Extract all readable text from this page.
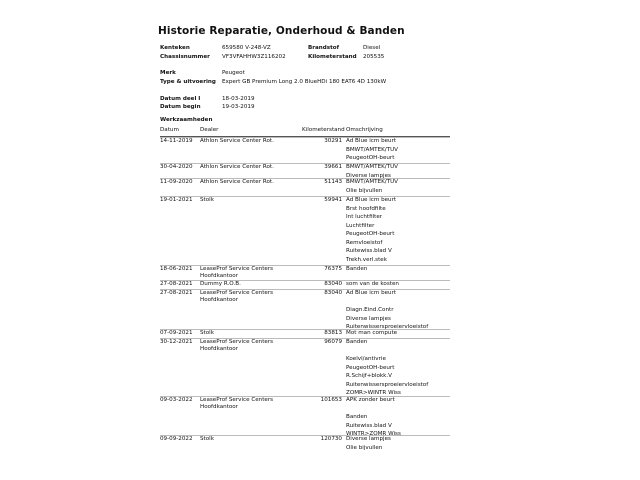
Historie Reparatie, Onderhoud & Banden
Kenteken	659580 V-248-VZ	Brandstof	Diesel
Chassisnummer VF3VFAHHW3Z116202	Kilometerstand 205535
Merk	Peugeot
Type & uitvoering Expert GB Premium Long 2.0 BlueHDi 180 EAT6 4D 130kW
Datum deel I	18-03-2019
Datum begin	19-03-2019
Werkzaamheden
Datum	Dealer	Kilometerstand Omschrijving
14-11-2019 Athlon Service Center Rot.	30291 Ad Blue icm beurt
BMWT/AMTEK/TUV
PeugeotOH-beurt
30-04-2020 Athlon Service Center Rot.	39661 BMWT/AMTEK/TUV
Diverse lampjes
11-09-2020 Athlon Service Center Rot.	51143 BMWT/AMTEK/TUV
Olie bijvullen
19-01-2021 Stolk	59941 Ad Blue icm beurt
Brst hoofdfilte
Int luchtfilter
Luchtfilter
PeugeotOH-beurt
Remvloeistof
Ruitewiss.blad V
Trekh.verl.stek
18-06-2021 LeaseProf Service Centers
Hoofdkantoor
76375 Banden
27-08-2021 Dummy R.O.B.	83040 som van de kosten
27-08-2021 LeaseProf Service Centers
Hoofdkantoor
83040 Ad Blue icm beurt
Diagn.Eind.Contr
Diverse lampjes
Ruitenwissersproeiervloeistof
07-09-2021 Stolk	83813 Mot man compute
30-12-2021 LeaseProf Service Centers
Hoofdkantoor
96079 Banden
Koelvl/antivrie
PeugeotOH-beurt
R.Schijf+blokk.V
Ruitenwissersproeiervloeistof
ZOMR>WINTR Wiss
09-03-2022 LeaseProf Service Centers
Hoofdkantoor
101653 APK zonder beurt
Banden
Ruitewiss.blad V
WINTR>ZOMR Wiss
09-09-2022 Stolk	120730 Diverse lampjes
Olie bijvullen
